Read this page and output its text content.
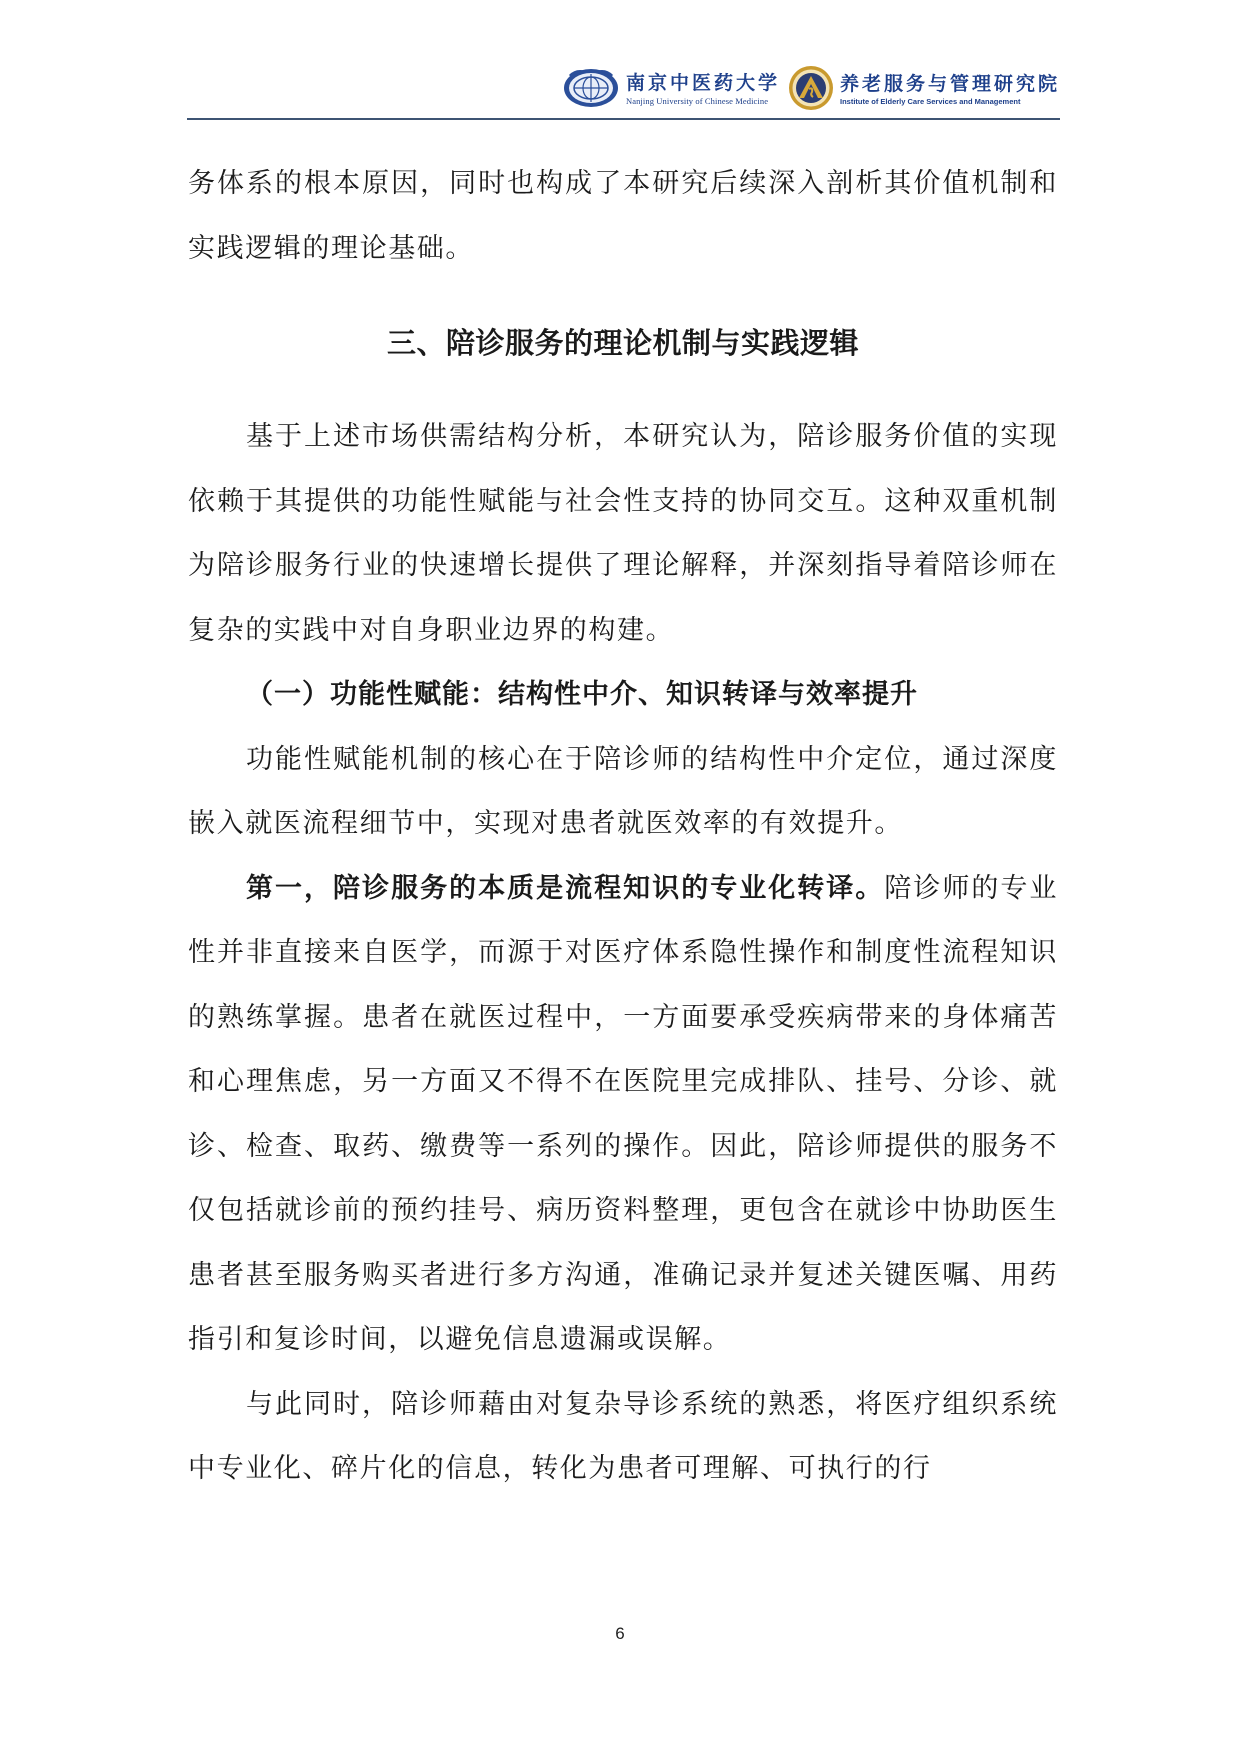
南京中医药大学
Nanjing University of Chinese Medicine
养老服务与管理研究院
Institute of Elderly Care Services and Management

务体系的根本原因，同时也构成了本研究后续深入剖析其价值机制和实践逻辑的理论基础。

三、陪诊服务的理论机制与实践逻辑

基于上述市场供需结构分析，本研究认为，陪诊服务价值的实现依赖于其提供的功能性赋能与社会性支持的协同交互。这种双重机制为陪诊服务行业的快速增长提供了理论解释，并深刻指导着陪诊师在复杂的实践中对自身职业边界的构建。

（一）功能性赋能：结构性中介、知识转译与效率提升

功能性赋能机制的核心在于陪诊师的结构性中介定位，通过深度嵌入就医流程细节中，实现对患者就医效率的有效提升。

第一，陪诊服务的本质是流程知识的专业化转译。陪诊师的专业性并非直接来自医学，而源于对医疗体系隐性操作和制度性流程知识的熟练掌握。患者在就医过程中，一方面要承受疾病带来的身体痛苦和心理焦虑，另一方面又不得不在医院里完成排队、挂号、分诊、就诊、检查、取药、缴费等一系列的操作。因此，陪诊师提供的服务不仅包括就诊前的预约挂号、病历资料整理，更包含在就诊中协助医生患者甚至服务购买者进行多方沟通，准确记录并复述关键医嘱、用药指引和复诊时间，以避免信息遗漏或误解。

与此同时，陪诊师藉由对复杂导诊系统的熟悉，将医疗组织系统中专业化、碎片化的信息，转化为患者可理解、可执行的行

6
